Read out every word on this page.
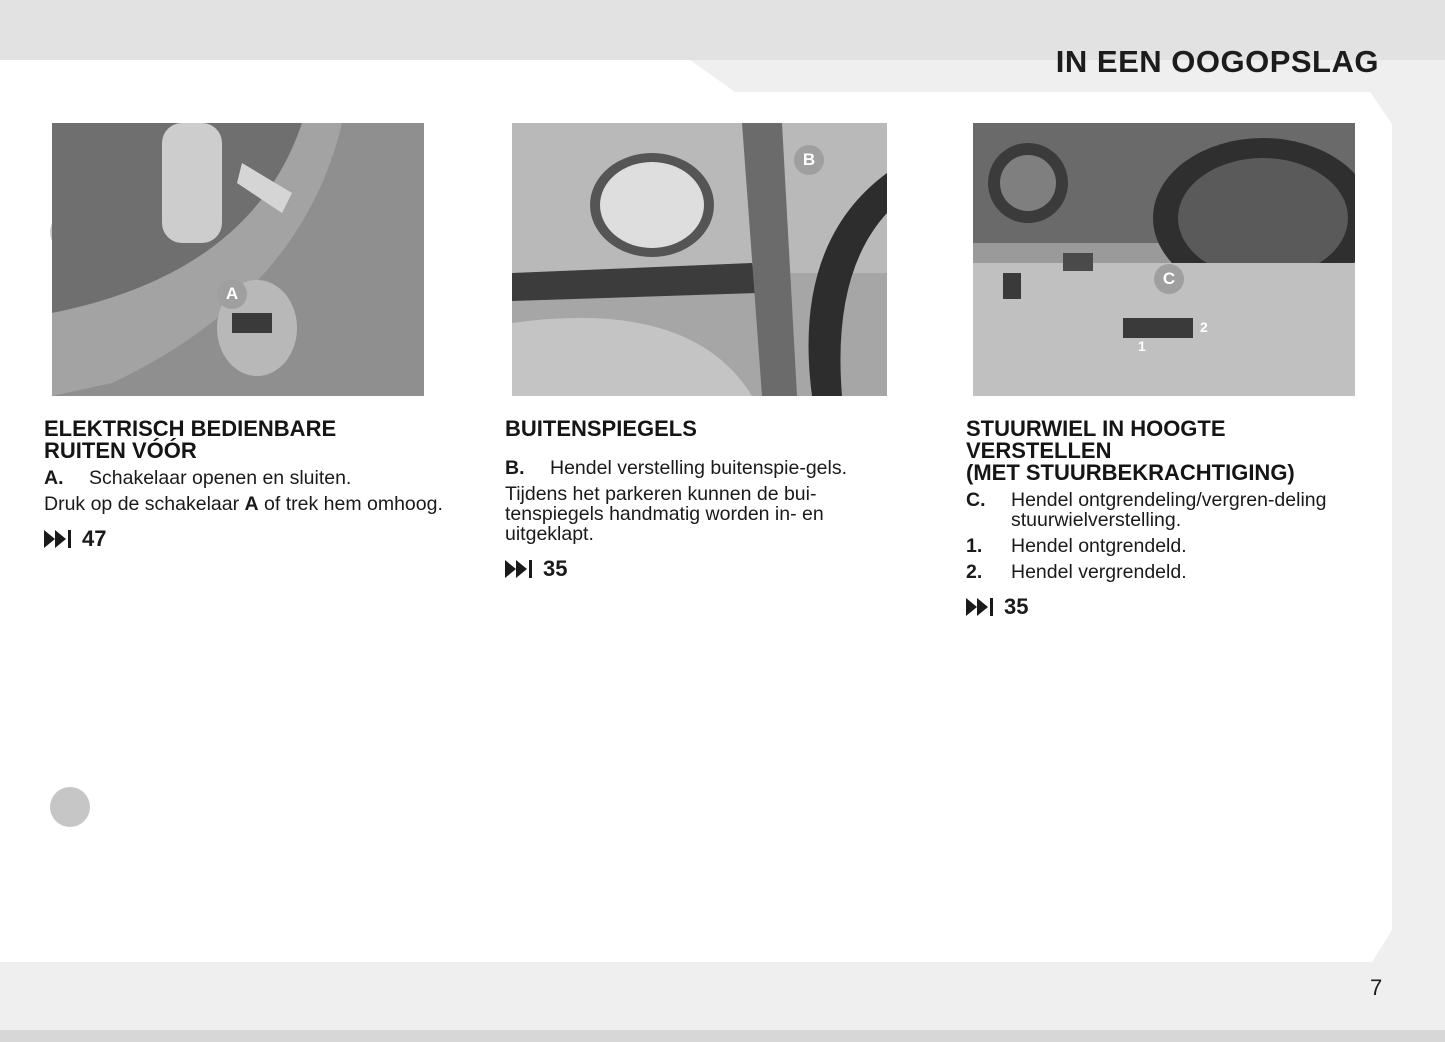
IN EEN OOGOPSLAG
A
B
C
1
2
ELEKTRISCH BEDIENBARE
RUITEN VÓÓR
A.	Schakelaar openen en sluiten.

Druk op de schakelaar A of trek hem omhoog.

47
BUITENSPIEGELS
B.	Hendel verstelling buitenspie-gels.

Tijdens het parkeren kunnen de bui-tenspiegels handmatig worden in- en uitgeklapt.

35
STUURWIEL IN HOOGTE
VERSTELLEN
(MET STUURBEKRACHTIGING)
C.	Hendel ontgrendeling/vergren-deling stuurwielverstelling.
1.	Hendel ontgrendeld.
2.	Hendel vergrendeld.
35
7
